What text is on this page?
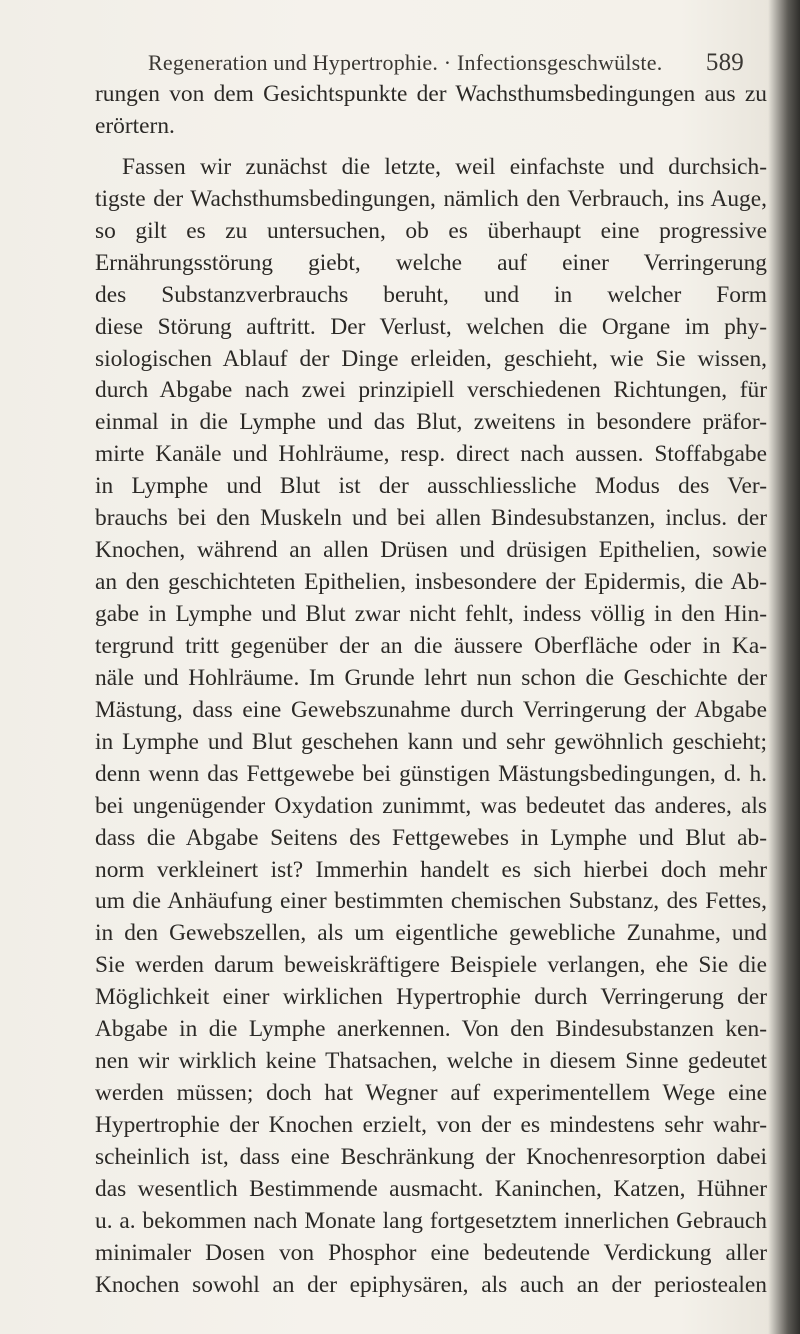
Regeneration und Hypertrophie. · Infectionsgeschwülste. 589
rungen von dem Gesichtspunkte der Wachsthumsbedingungen aus zu
erörtern.
Fassen wir zunächst die letzte, weil einfachste und durchsich-
tigste der Wachsthumsbedingungen, nämlich den Verbrauch, ins Auge,
so gilt es zu untersuchen, ob es überhaupt eine progressive
Ernährungsstörung giebt, welche auf einer Verringerung
des Substanzverbrauchs beruht, und in welcher Form
diese Störung auftritt. Der Verlust, welchen die Organe im phy-
siologischen Ablauf der Dinge erleiden, geschieht, wie Sie wissen,
durch Abgabe nach zwei prinzipiell verschiedenen Richtungen, für
einmal in die Lymphe und das Blut, zweitens in besondere präfor-
mirte Kanäle und Hohlräume, resp. direct nach aussen. Stoffabgabe
in Lymphe und Blut ist der ausschliessliche Modus des Ver-
brauchs bei den Muskeln und bei allen Bindesubstanzen, inclus. der
Knochen, während an allen Drüsen und drüsigen Epithelien, sowie
an den geschichteten Epithelien, insbesondere der Epidermis, die Ab-
gabe in Lymphe und Blut zwar nicht fehlt, indess völlig in den Hin-
tergrund tritt gegenüber der an die äussere Oberfläche oder in Ka-
näle und Hohlräume. Im Grunde lehrt nun schon die Geschichte der
Mästung, dass eine Gewebszunahme durch Verringerung der Abgabe
in Lymphe und Blut geschehen kann und sehr gewöhnlich geschieht;
denn wenn das Fettgewebe bei günstigen Mästungsbedingungen, d. h.
bei ungenügender Oxydation zunimmt, was bedeutet das anderes, als
dass die Abgabe Seitens des Fettgewebes in Lymphe und Blut ab-
norm verkleinert ist? Immerhin handelt es sich hierbei doch mehr
um die Anhäufung einer bestimmten chemischen Substanz, des Fettes,
in den Gewebszellen, als um eigentliche gewebliche Zunahme, und
Sie werden darum beweiskräftigere Beispiele verlangen, ehe Sie die
Möglichkeit einer wirklichen Hypertrophie durch Verringerung der
Abgabe in die Lymphe anerkennen. Von den Bindesubstanzen ken-
nen wir wirklich keine Thatsachen, welche in diesem Sinne gedeutet
werden müssen; doch hat Wegner auf experimentellem Wege eine
Hypertrophie der Knochen erzielt, von der es mindestens sehr wahr-
scheinlich ist, dass eine Beschränkung der Knochenresorption dabei
das wesentlich Bestimmende ausmacht. Kaninchen, Katzen, Hühner
u. a. bekommen nach Monate lang fortgesetztem innerlichen Gebrauch
minimaler Dosen von Phosphor eine bedeutende Verdickung aller
Knochen sowohl an der epiphysären, als auch an der periostealen
